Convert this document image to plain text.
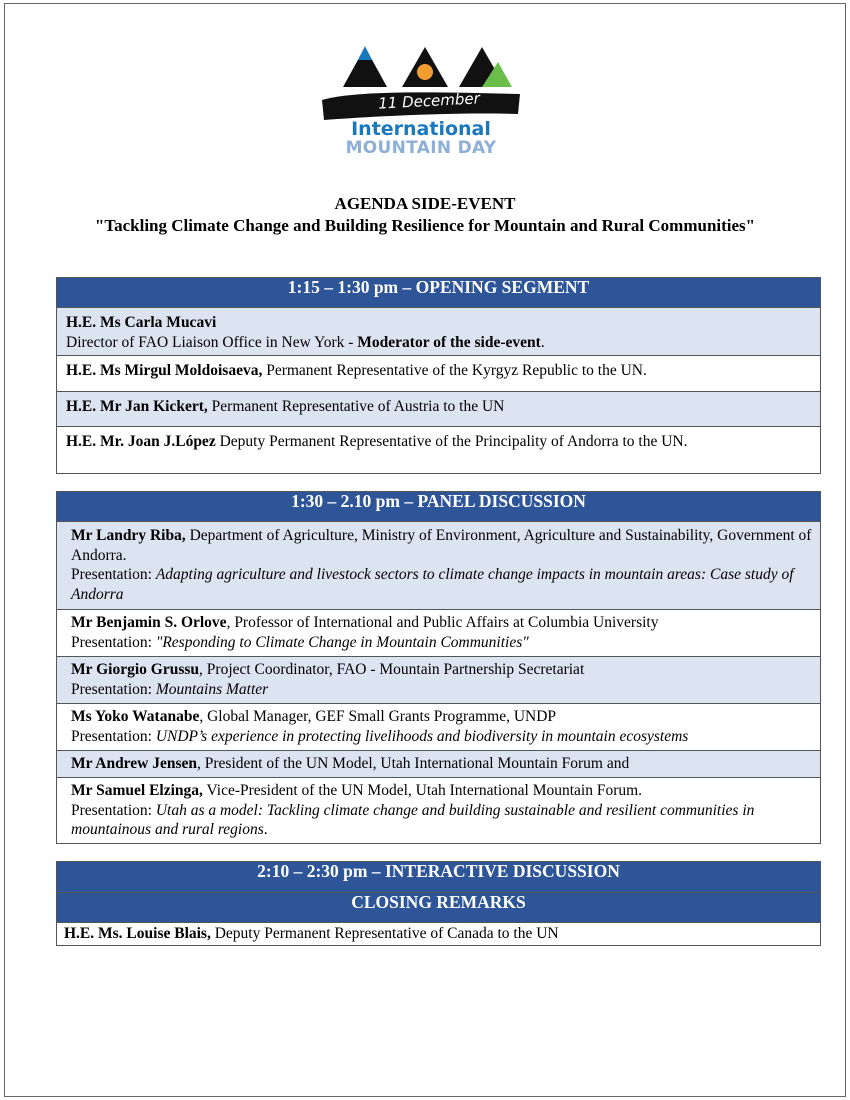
11 December
International
MOUNTAIN DAY
AGENDA SIDE-EVENT
"Tackling Climate Change and Building Resilience for Mountain and Rural Communities"
1:15 – 1:30 pm – OPENING SEGMENT

H.E. Ms Carla Mucavi
Director of FAO Liaison Office in New York - Moderator of the side-event.

H.E. Ms Mirgul Moldoisaeva, Permanent Representative of the Kyrgyz Republic to the UN.

H.E. Mr Jan Kickert, Permanent Representative of Austria to the UN

H.E. Mr. Joan J.López Deputy Permanent Representative of the Principality of Andorra to the UN.
1:30 – 2.10 pm – PANEL DISCUSSION

Mr Landry Riba, Department of Agriculture, Ministry of Environment, Agriculture and Sustainability, Government of Andorra.
Presentation: Adapting agriculture and livestock sectors to climate change impacts in mountain areas: Case study of Andorra

Mr Benjamin S. Orlove, Professor of International and Public Affairs at Columbia University
Presentation: "Responding to Climate Change in Mountain Communities"

Mr Giorgio Grussu, Project Coordinator, FAO - Mountain Partnership Secretariat
Presentation: Mountains Matter

Ms Yoko Watanabe, Global Manager, GEF Small Grants Programme, UNDP
Presentation: UNDP’s experience in protecting livelihoods and biodiversity in mountain ecosystems

Mr Andrew Jensen, President of the UN Model, Utah International Mountain Forum and

Mr Samuel Elzinga, Vice-President of the UN Model, Utah International Mountain Forum.
Presentation: Utah as a model: Tackling climate change and building sustainable and resilient communities in mountainous and rural regions.
2:10 – 2:30 pm – INTERACTIVE DISCUSSION
CLOSING REMARKS

H.E. Ms. Louise Blais, Deputy Permanent Representative of Canada to the UN
